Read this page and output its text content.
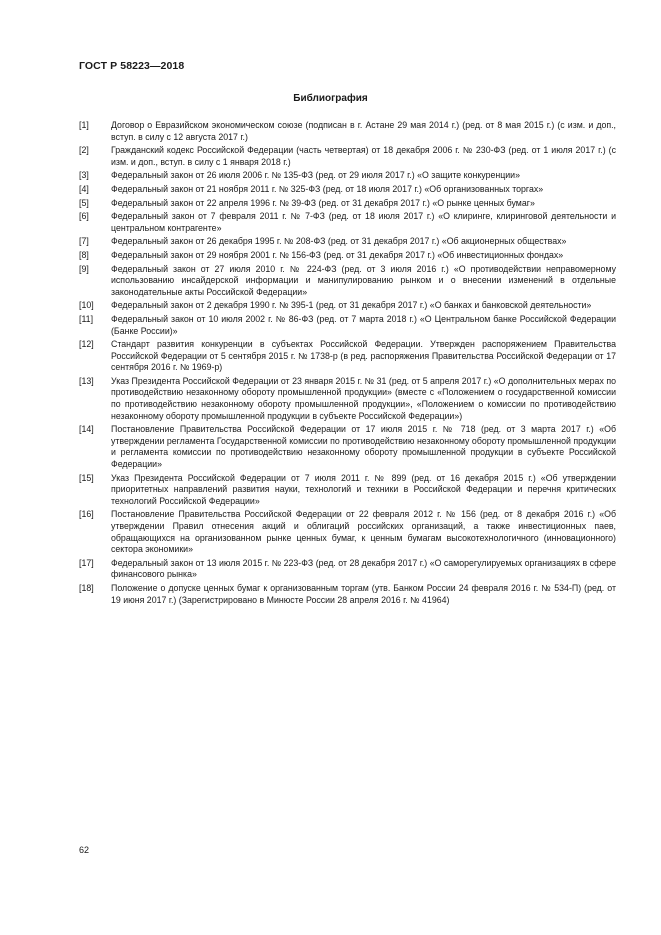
ГОСТ Р 58223—2018
Библиография
[1]	Договор о Евразийском экономическом союзе (подписан в г. Астане 29 мая 2014 г.) (ред. от 8 мая 2015 г.) (с изм. и доп., вступ. в силу с 12 августа 2017 г.)
[2]	Гражданский кодекс Российской Федерации (часть четвертая) от 18 декабря 2006 г. № 230-ФЗ (ред. от 1 июля 2017 г.) (с изм. и доп., вступ. в силу с 1 января 2018 г.)
[3]	Федеральный закон от 26 июля 2006 г. № 135-ФЗ (ред. от 29 июля 2017 г.) «О защите конкуренции»
[4]	Федеральный закон от 21 ноября 2011 г. № 325-ФЗ (ред. от 18 июля 2017 г.) «Об организованных торгах»
[5]	Федеральный закон от 22 апреля 1996 г. № 39-ФЗ (ред. от 31 декабря 2017 г.) «О рынке ценных бумаг»
[6]	Федеральный закон от 7 февраля 2011 г. № 7-ФЗ (ред. от 18 июля 2017 г.) «О клиринге, клиринговой деятельности и центральном контрагенте»
[7]	Федеральный закон от 26 декабря 1995 г. № 208-ФЗ (ред. от 31 декабря 2017 г.) «Об акционерных обществах»
[8]	Федеральный закон от 29 ноября 2001 г. № 156-ФЗ (ред. от 31 декабря 2017 г.) «Об инвестиционных фондах»
[9]	Федеральный закон от 27 июля 2010 г. № 224-ФЗ (ред. от 3 июля 2016 г.) «О противодействии неправомерному использованию инсайдерской информации и манипулированию рынком и о внесении изменений в отдельные законодательные акты Российской Федерации»
[10]	Федеральный закон от 2 декабря 1990 г. № 395-1 (ред. от 31 декабря 2017 г.) «О банках и банковской деятельности»
[11]	Федеральный закон от 10 июля 2002 г. № 86-ФЗ (ред. от 7 марта 2018 г.) «О Центральном банке Российской Федерации (Банке России)»
[12]	Стандарт развития конкуренции в субъектах Российской Федерации. Утвержден распоряжением Правительства Российской Федерации от 5 сентября 2015 г. № 1738-р (в ред. распоряжения Правительства Российской Федерации от 17 сентября 2016 г. № 1969-р)
[13]	Указ Президента Российской Федерации от 23 января 2015 г. № 31 (ред. от 5 апреля 2017 г.) «О дополнительных мерах по противодействию незаконному обороту промышленной продукции» (вместе с «Положением о государственной комиссии по противодействию незаконному обороту промышленной продукции», «Положением о комиссии по противодействию незаконному обороту промышленной продукции в субъекте Российской Федерации»)
[14]	Постановление Правительства Российской Федерации от 17 июля 2015 г. № 718 (ред. от 3 марта 2017 г.) «Об утверждении регламента Государственной комиссии по противодействию незаконному обороту промышленной продукции и регламента комиссии по противодействию незаконному обороту промышленной продукции в субъекте Российской Федерации»
[15]	Указ Президента Российской Федерации от 7 июля 2011 г. № 899 (ред. от 16 декабря 2015 г.) «Об утверждении приоритетных направлений развития науки, технологий и техники в Российской Федерации и перечня критических технологий Российской Федерации»
[16]	Постановление Правительства Российской Федерации от 22 февраля 2012 г. № 156 (ред. от 8 декабря 2016 г.) «Об утверждении Правил отнесения акций и облигаций российских организаций, а также инвестиционных паев, обращающихся на организованном рынке ценных бумаг, к ценным бумагам высокотехнологичного (инновационного) сектора экономики»
[17]	Федеральный закон от 13 июля 2015 г. № 223-ФЗ (ред. от 28 декабря 2017 г.) «О саморегулируемых организациях в сфере финансового рынка»
[18]	Положение о допуске ценных бумаг к организованным торгам (утв. Банком России 24 февраля 2016 г. № 534-П) (ред. от 19 июня 2017 г.) (Зарегистрировано в Минюсте России 28 апреля 2016 г. № 41964)
62
